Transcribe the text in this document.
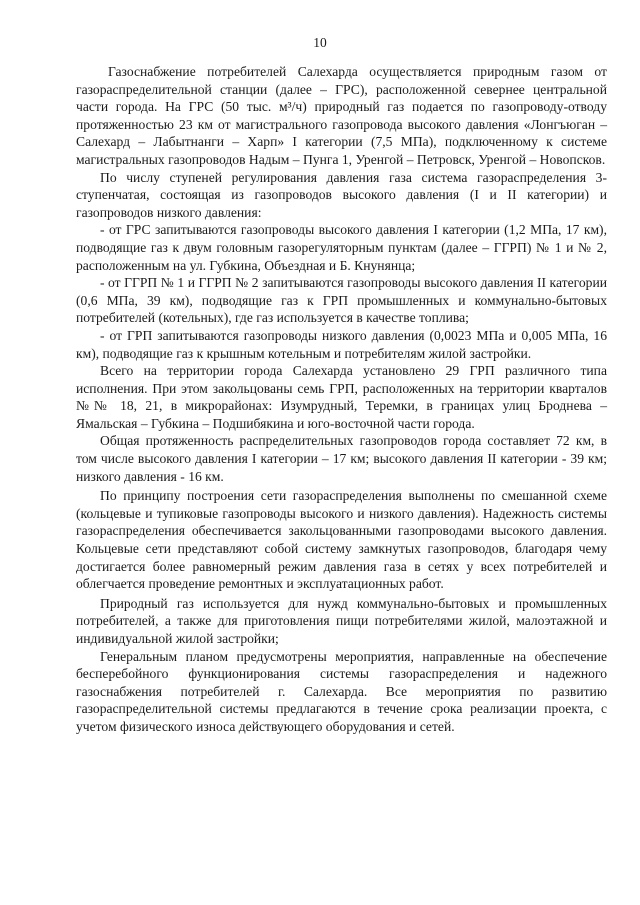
10

Газоснабжение потребителей Салехарда осуществляется природным газом от газораспределительной станции (далее – ГРС), расположенной севернее центральной части города. На ГРС (50 тыс. м³/ч) природный газ подается по газопроводу-отводу протяженностью 23 км от магистрального газопровода высокого давления «Лонгъюган – Салехард – Лабытнанги – Харп» I категории (7,5 МПа), подключенному к системе магистральных газопроводов Надым – Пунга 1, Уренгой – Петровск, Уренгой – Новопсков.

По числу ступеней регулирования давления газа система газораспределения 3-ступенчатая, состоящая из газопроводов высокого давления (I и II категории) и газопроводов низкого давления:

- от ГРС запитываются газопроводы высокого давления I категории (1,2 МПа, 17 км), подводящие газ к двум головным газорегуляторным пунктам (далее – ГГРП) № 1 и № 2, расположенным на ул. Губкина, Объездная и Б. Кнунянца;

- от ГГРП № 1 и ГГРП № 2 запитываются газопроводы высокого давления II категории (0,6 МПа, 39 км), подводящие газ к ГРП промышленных и коммунально-бытовых потребителей (котельных), где газ используется в качестве топлива;

- от ГРП запитываются газопроводы низкого давления (0,0023 МПа и 0,005 МПа, 16 км), подводящие газ к крышным котельным и потребителям жилой застройки.

Всего на территории города Салехарда установлено 29 ГРП различного типа исполнения. При этом закольцованы семь ГРП, расположенных на территории кварталов №№ 18, 21, в микрорайонах: Изумрудный, Теремки, в границах улиц Броднева – Ямальская – Губкина – Подшибякина и юго-восточной части города.

Общая протяженность распределительных газопроводов города составляет 72 км, в том числе высокого давления I категории – 17 км; высокого давления II категории - 39 км; низкого давления - 16 км.

По принципу построения сети газораспределения выполнены по смешанной схеме (кольцевые и тупиковые газопроводы высокого и низкого давления). Надежность системы газораспределения обеспечивается закольцованными газопроводами высокого давления. Кольцевые сети представляют собой систему замкнутых газопроводов, благодаря чему достигается более равномерный режим давления газа в сетях у всех потребителей и облегчается проведение ремонтных и эксплуатационных работ.

Природный газ используется для нужд коммунально-бытовых и промышленных потребителей, а также для приготовления пищи потребителями жилой, малоэтажной и индивидуальной жилой застройки;

Генеральным планом предусмотрены мероприятия, направленные на обеспечение бесперебойного функционирования системы газораспределения и надежного газоснабжения потребителей г. Салехарда. Все мероприятия по развитию газораспределительной системы предлагаются в течение срока реализации проекта, с учетом физического износа действующего оборудования и сетей.
